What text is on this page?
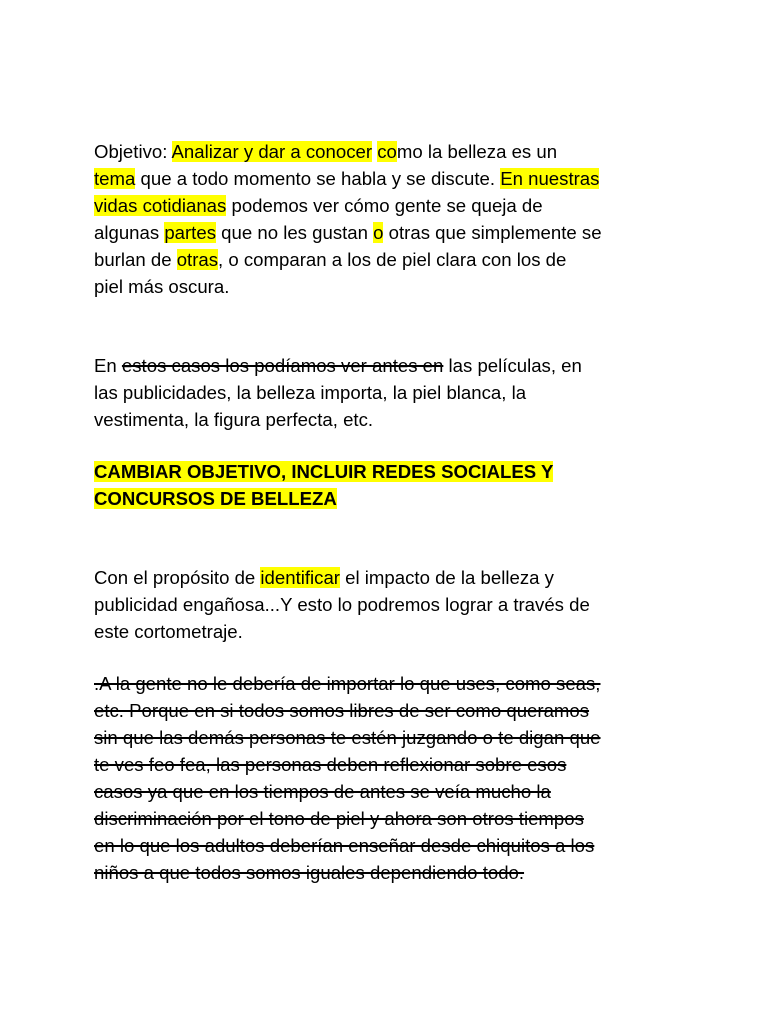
Objetivo: Analizar y dar a conocer como la belleza es un

tema que a todo momento se habla y se discute. En nuestras

vidas cotidianas podemos ver cómo gente se queja de

algunas partes que no les gustan o otras que simplemente se

burlan de otras, o comparan a los de piel clara con los de

piel más oscura.

En estos casos los podíamos ver antes en las películas, en

las publicidades, la belleza importa, la piel blanca, la

vestimenta, la figura perfecta, etc.

CAMBIAR OBJETIVO, INCLUIR REDES SOCIALES Y

CONCURSOS DE BELLEZA

Con el propósito de identificar el impacto de la belleza y

publicidad engañosa...Y esto lo podremos lograr a través de

este cortometraje.

.A la gente no le debería de importar lo que uses, como seas,

etc. Porque en si todos somos libres de ser como queramos

sin que las demás personas te estén juzgando o te digan que

te ves feo fea, las personas deben reflexionar sobre esos

casos ya que en los tiempos de antes se veía mucho la

discriminación por el tono de piel y ahora son otros tiempos

en lo que los adultos deberían enseñar desde chiquitos a los

niños a que todos somos iguales dependiendo todo.
